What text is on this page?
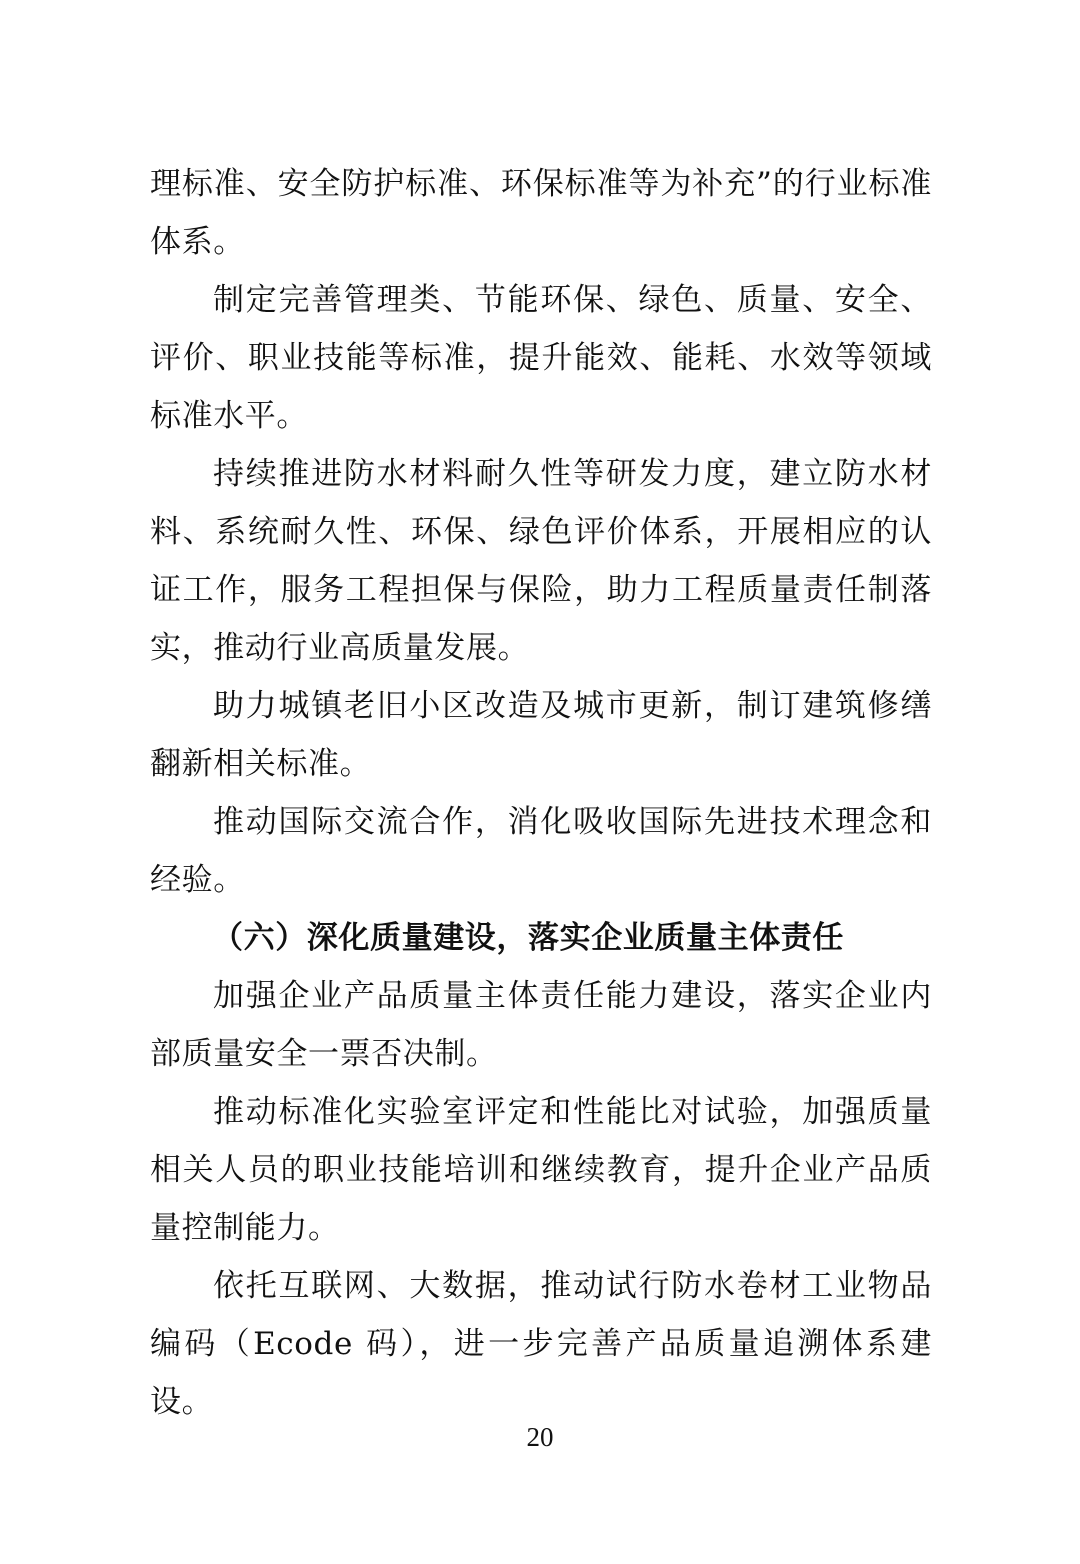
理标准、安全防护标准、环保标准等为补充”的行业标准体系。

制定完善管理类、节能环保、绿色、质量、安全、评价、职业技能等标准，提升能效、能耗、水效等领域标准水平。

持续推进防水材料耐久性等研发力度，建立防水材料、系统耐久性、环保、绿色评价体系，开展相应的认证工作，服务工程担保与保险，助力工程质量责任制落实，推动行业高质量发展。

助力城镇老旧小区改造及城市更新，制订建筑修缮翻新相关标准。

推动国际交流合作，消化吸收国际先进技术理念和经验。

（六）深化质量建设，落实企业质量主体责任

加强企业产品质量主体责任能力建设，落实企业内部质量安全一票否决制。

推动标准化实验室评定和性能比对试验，加强质量相关人员的职业技能培训和继续教育，提升企业产品质量控制能力。

依托互联网、大数据，推动试行防水卷材工业物品编码（Ecode 码），进一步完善产品质量追溯体系建设。

20
